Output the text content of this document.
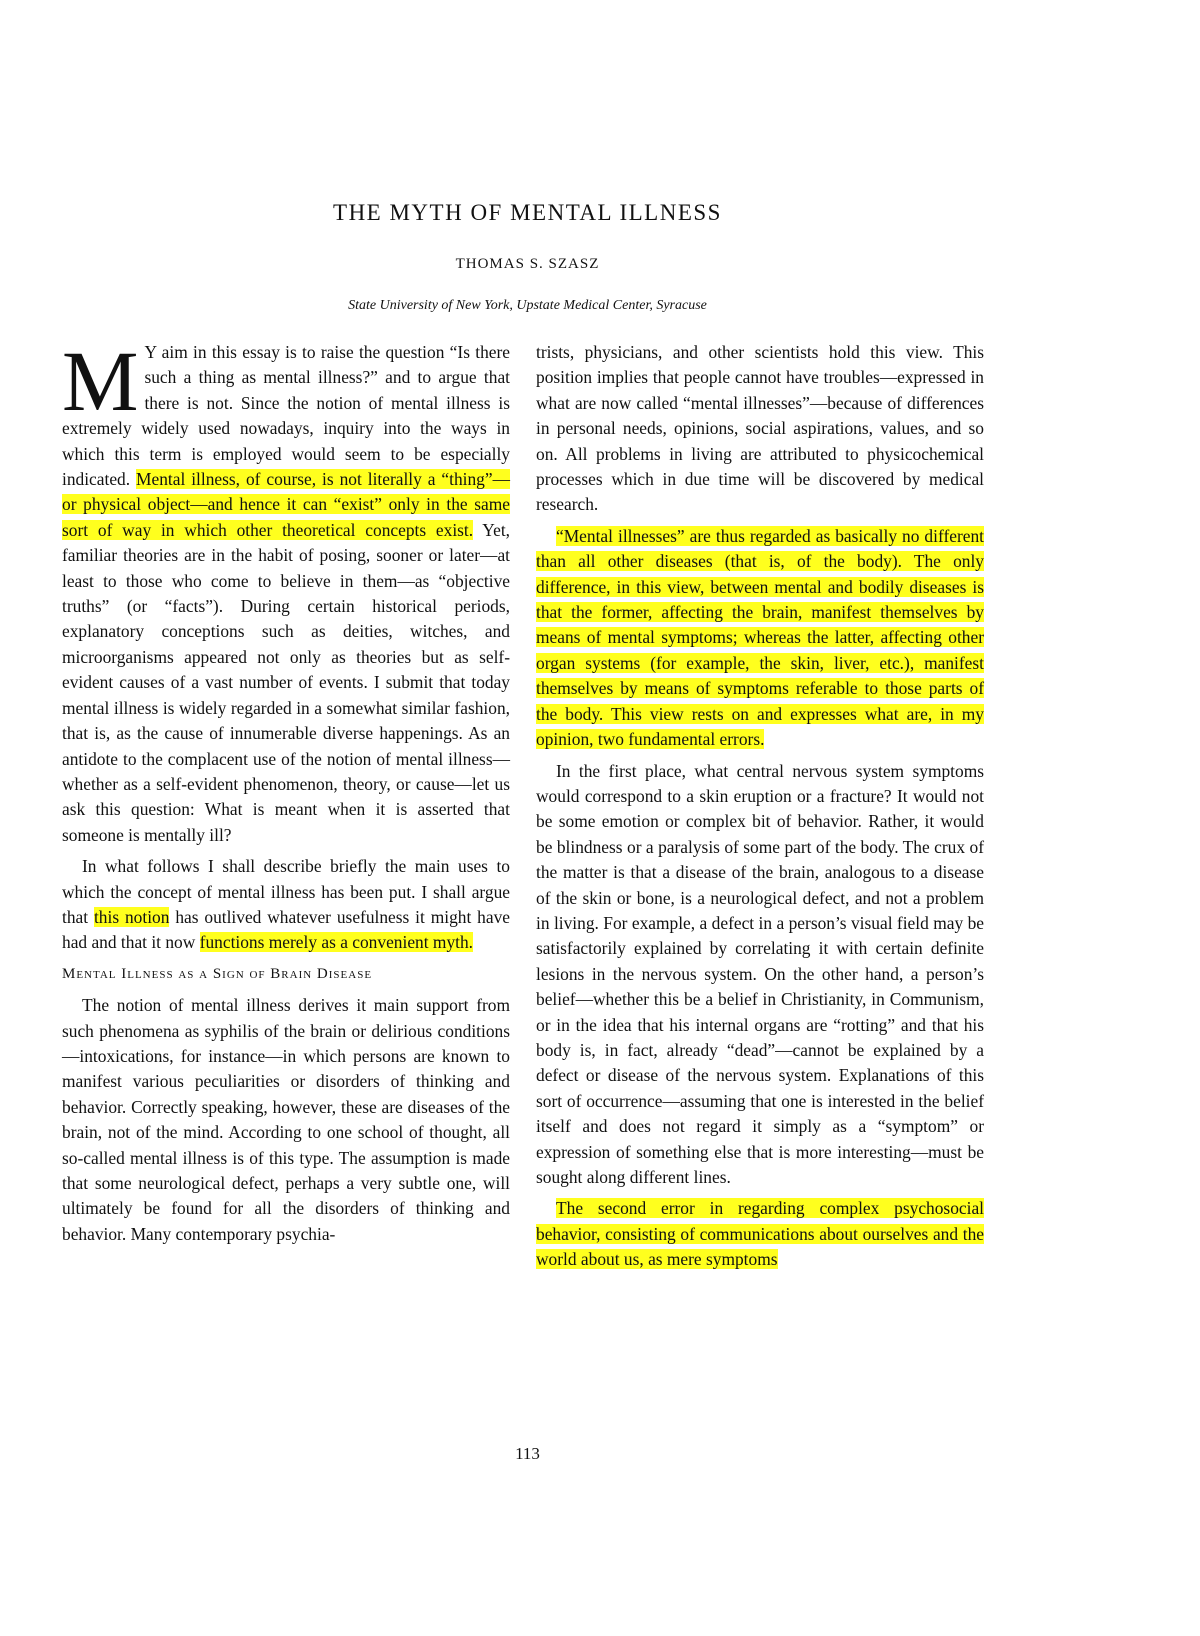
THE MYTH OF MENTAL ILLNESS
THOMAS S. SZASZ
State University of New York, Upstate Medical Center, Syracuse

M Y aim in this essay is to raise the question “Is there such a thing as mental illness?” and to argue that there is not. Since the notion of mental illness is extremely widely used nowadays, inquiry into the ways in which this term is employed would seem to be especially indicated. Mental illness, of course, is not literally a “thing”—or physical object—and hence it can “exist” only in the same sort of way in which other theoretical concepts exist. Yet, familiar theories are in the habit of posing, sooner or later—at least to those who come to believe in them—as “objective truths” (or “facts”). During certain historical periods, explanatory conceptions such as deities, witches, and microorganisms appeared not only as theories but as self-evident causes of a vast number of events. I submit that today mental illness is widely regarded in a somewhat similar fashion, that is, as the cause of innumerable diverse happenings. As an antidote to the complacent use of the notion of mental illness—whether as a self-evident phenomenon, theory, or cause—let us ask this question: What is meant when it is asserted that someone is mentally ill?

In what follows I shall describe briefly the main uses to which the concept of mental illness has been put. I shall argue that this notion has outlived whatever usefulness it might have had and that it now functions merely as a convenient myth.

Mental Illness as a Sign of Brain Disease

The notion of mental illness derives it main support from such phenomena as syphilis of the brain or delirious conditions—intoxications, for instance—in which persons are known to manifest various peculiarities or disorders of thinking and behavior. Correctly speaking, however, these are diseases of the brain, not of the mind. According to one school of thought, all so-called mental illness is of this type. The assumption is made that some neurological defect, perhaps a very subtle one, will ultimately be found for all the disorders of thinking and behavior. Many contemporary psychia-

trists, physicians, and other scientists hold this view. This position implies that people cannot have troubles—expressed in what are now called “mental illnesses”—because of differences in personal needs, opinions, social aspirations, values, and so on. All problems in living are attributed to physicochemical processes which in due time will be discovered by medical research.

“Mental illnesses” are thus regarded as basically no different than all other diseases (that is, of the body). The only difference, in this view, between mental and bodily diseases is that the former, affecting the brain, manifest themselves by means of mental symptoms; whereas the latter, affecting other organ systems (for example, the skin, liver, etc.), manifest themselves by means of symptoms referable to those parts of the body. This view rests on and expresses what are, in my opinion, two fundamental errors.

In the first place, what central nervous system symptoms would correspond to a skin eruption or a fracture? It would not be some emotion or complex bit of behavior. Rather, it would be blindness or a paralysis of some part of the body. The crux of the matter is that a disease of the brain, analogous to a disease of the skin or bone, is a neurological defect, and not a problem in living. For example, a defect in a person’s visual field may be satisfactorily explained by correlating it with certain definite lesions in the nervous system. On the other hand, a person’s belief—whether this be a belief in Christianity, in Communism, or in the idea that his internal organs are “rotting” and that his body is, in fact, already “dead”—cannot be explained by a defect or disease of the nervous system. Explanations of this sort of occurrence—assuming that one is interested in the belief itself and does not regard it simply as a “symptom” or expression of something else that is more interesting—must be sought along different lines.

The second error in regarding complex psychosocial behavior, consisting of communications about ourselves and the world about us, as mere symptoms

113
